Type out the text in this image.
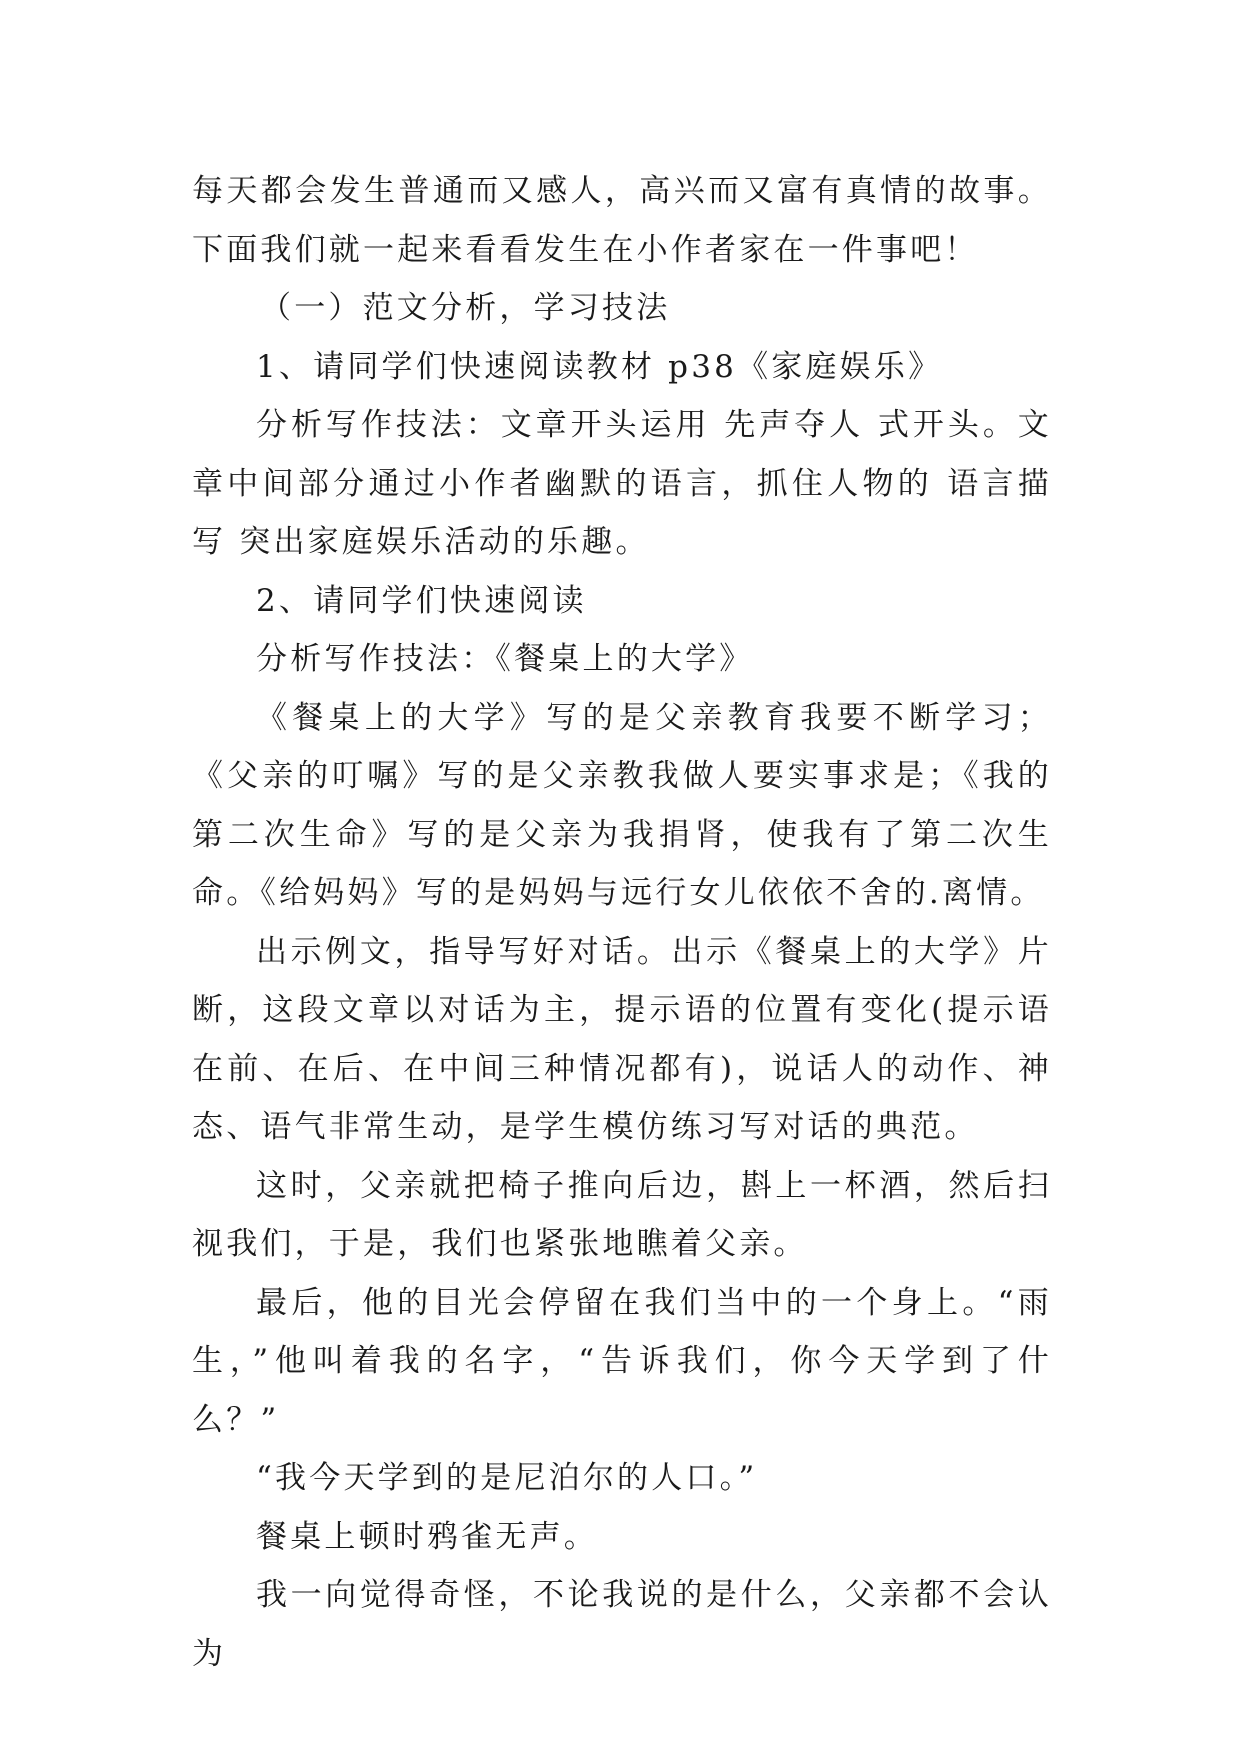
每天都会发生普通而又感人，高兴而又富有真情的故事。下面我们就一起来看看发生在小作者家在一件事吧！

（一）范文分析，学习技法

1、请同学们快速阅读教材 p38《家庭娱乐》

分析写作技法：文章开头运用 先声夺人 式开头。文章中间部分通过小作者幽默的语言，抓住人物的 语言描写 突出家庭娱乐活动的乐趣。

2、请同学们快速阅读

分析写作技法：《餐桌上的大学》

《餐桌上的大学》写的是父亲教育我要不断学习；《父亲的叮嘱》写的是父亲教我做人要实事求是；《我的第二次生命》写的是父亲为我捐肾，使我有了第二次生命。《给妈妈》写的是妈妈与远行女儿依依不舍的.离情。

出示例文，指导写好对话。出示《餐桌上的大学》片断，这段文章以对话为主，提示语的位置有变化(提示语在前、在后、在中间三种情况都有)，说话人的动作、神态、语气非常生动，是学生模仿练习写对话的典范。

这时，父亲就把椅子推向后边，斟上一杯酒，然后扫视我们，于是，我们也紧张地瞧着父亲。

最后，他的目光会停留在我们当中的一个身上。“雨生，”他叫着我的名字，“告诉我们，你今天学到了什么？”

“我今天学到的是尼泊尔的人口。”

餐桌上顿时鸦雀无声。

我一向觉得奇怪，不论我说的是什么，父亲都不会认为
